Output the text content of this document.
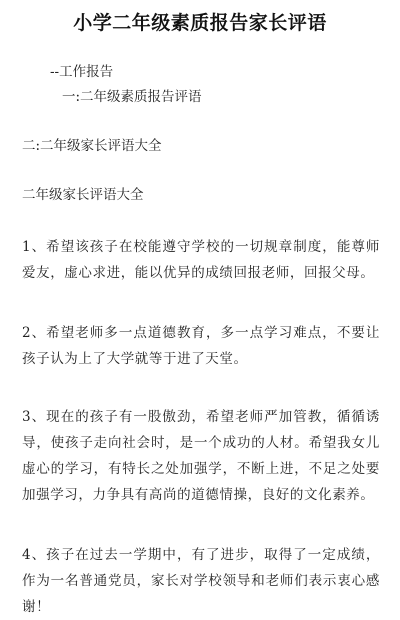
小学二年级素质报告家长评语
--工作报告
一:二年级素质报告评语
二:二年级家长评语大全
二年级家长评语大全
1、希望该孩子在校能遵守学校的一切规章制度，能尊师爱友，虚心求进，能以优异的成绩回报老师，回报父母。
2、希望老师多一点道德教育，多一点学习难点，不要让孩子认为上了大学就等于进了天堂。
3、现在的孩子有一股傲劲，希望老师严加管教，循循诱导，使孩子走向社会时，是一个成功的人材。希望我女儿虚心的学习，有特长之处加强学，不断上进，不足之处要加强学习，力争具有高尚的道德情操，良好的文化素养。
4、孩子在过去一学期中，有了进步，取得了一定成绩，作为一名普通党员，家长对学校领导和老师们表示衷心感谢！
